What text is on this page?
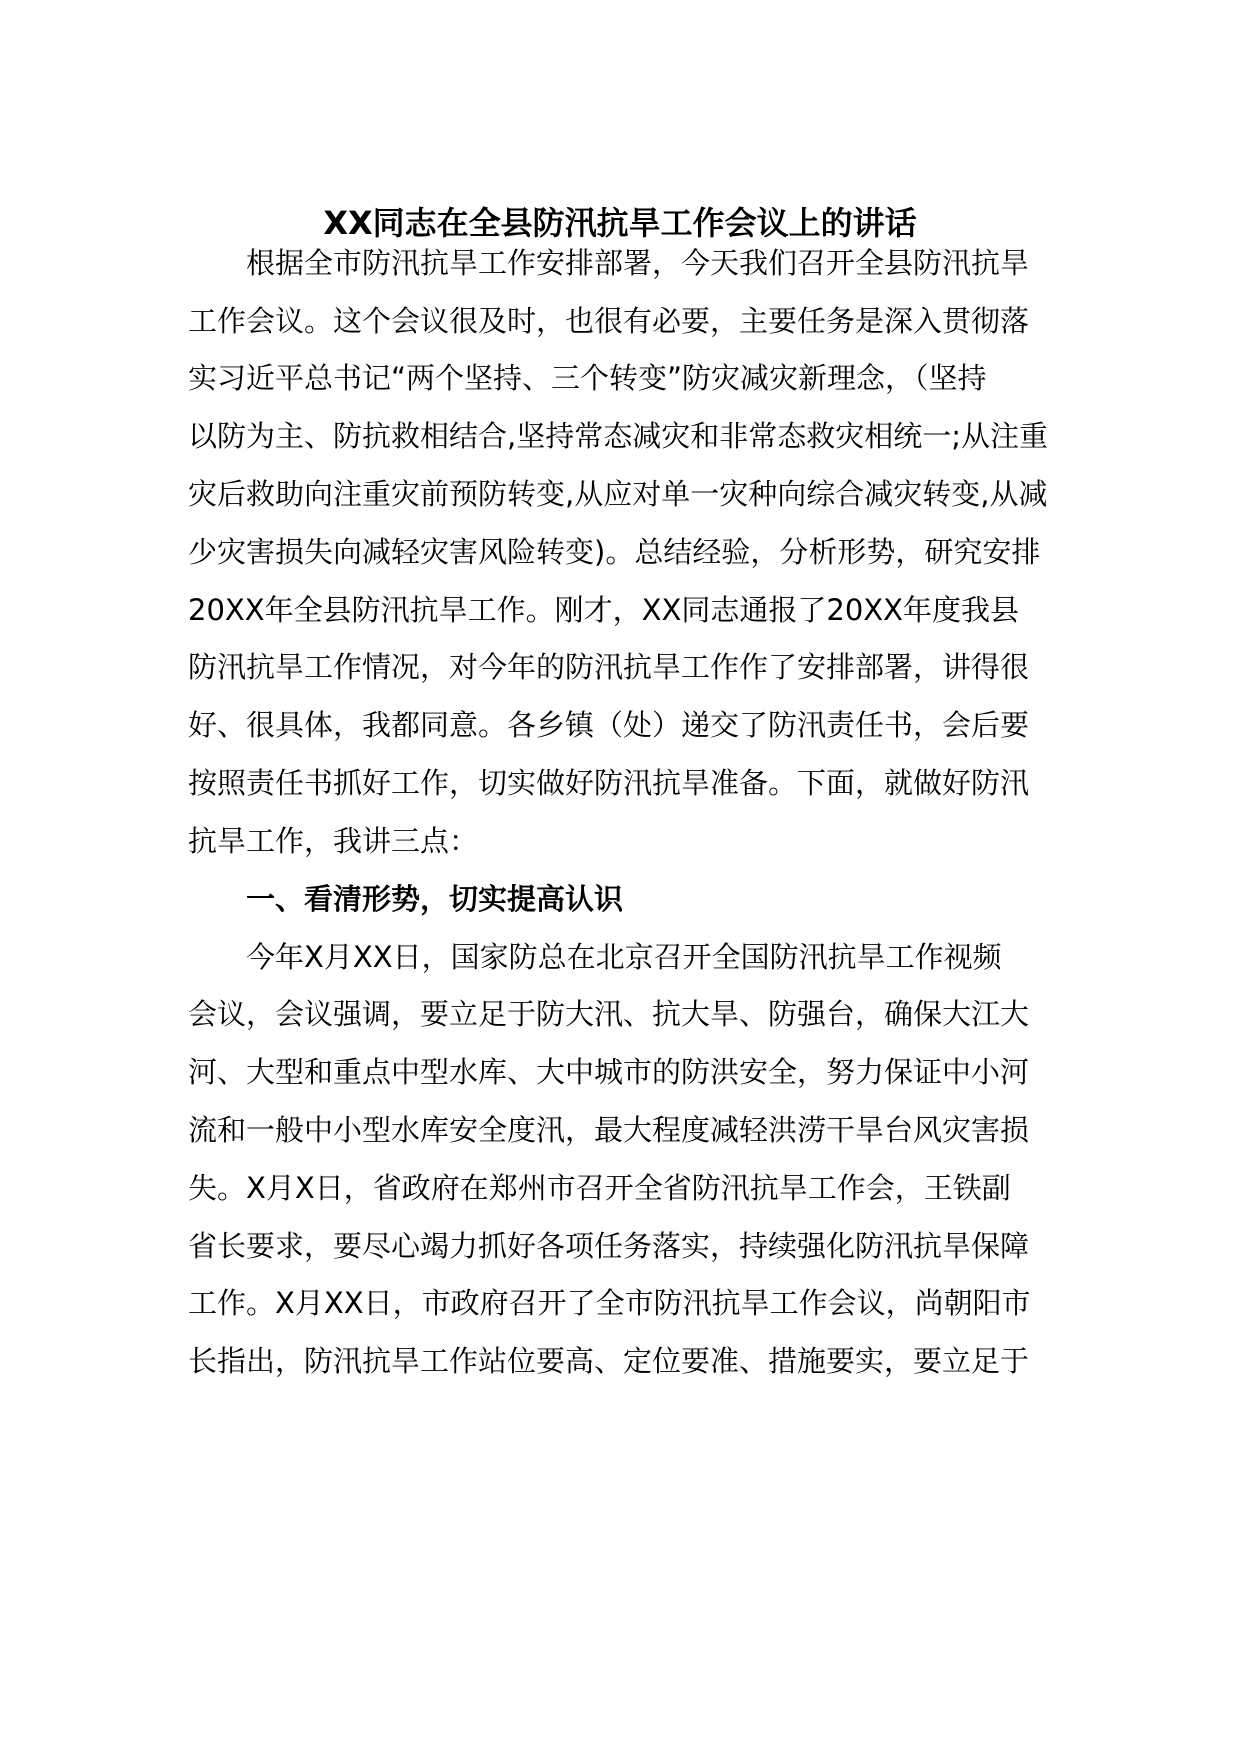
XX同志在全县防汛抗旱工作会议上的讲话

根据全市防汛抗旱工作安排部署，今天我们召开全县防汛抗旱

工作会议。这个会议很及时，也很有必要，主要任务是深入贯彻落

实习近平总书记“两个坚持、三个转变”防灾减灾新理念，（坚持

以防为主、防抗救相结合,坚持常态减灾和非常态救灾相统一;从注重

灾后救助向注重灾前预防转变,从应对单一灾种向综合减灾转变,从减

少灾害损失向减轻灾害风险转变)。总结经验，分析形势，研究安排

20XX年全县防汛抗旱工作。刚才，XX同志通报了20XX年度我县

防汛抗旱工作情况，对今年的防汛抗旱工作作了安排部署，讲得很

好、很具体，我都同意。各乡镇（处）递交了防汛责任书，会后要

按照责任书抓好工作，切实做好防汛抗旱准备。下面，就做好防汛

抗旱工作，我讲三点：

一、看清形势，切实提高认识

今年X月XX日，国家防总在北京召开全国防汛抗旱工作视频

会议，会议强调，要立足于防大汛、抗大旱、防强台，确保大江大

河、大型和重点中型水库、大中城市的防洪安全，努力保证中小河

流和一般中小型水库安全度汛，最大程度减轻洪涝干旱台风灾害损

失。X月X日，省政府在郑州市召开全省防汛抗旱工作会，王铁副

省长要求，要尽心竭力抓好各项任务落实，持续强化防汛抗旱保障

工作。X月XX日，市政府召开了全市防汛抗旱工作会议，尚朝阳市

长指出，防汛抗旱工作站位要高、定位要准、措施要实，要立足于
